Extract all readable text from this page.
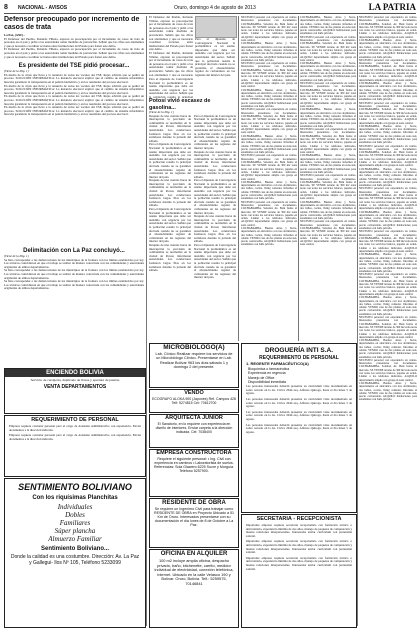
8 NACIONAL - AVISOS	Oruro, domingo 4 de agosto de 2013	LA PATRIA
Defensor preocupado por incremento de casos de trata
La Paz, (ANF).-
El Defensor del Pueblo, Rolando Villena, expresó su preocupación por el incremento de casos de trata de personas en el país y pidió a las autoridades tomar medidas de prevención. Señaló que las cifras son alarmantes y que es necesario coordinar acciones entre instituciones del Estado para frenar este delito.
El Defensor del Pueblo, Rolando Villena, expresó su preocupación por el incremento de casos de trata de personas en el país y pidió a las autoridades tomar medidas de prevención. Señaló que las cifras son alarmantes y que es necesario coordinar acciones entre instituciones del Estado para frenar este delito.
Es presidente del TSE pidió procesar...
(Viene de la Pág. 1)
En medio de la crisis que llevó a la renuncia de todos los vocales del TSE, Rojas advirtió que se pedirá un proceso. SOLUCIÓN INFORMÁTICA: La instancia electoral explicó que el cambio de sistema informático buscaba garantizar la transparencia en el padrón biométrico y en los resultados del proceso electoral.
En medio de la crisis que llevó a la renuncia de todos los vocales del TSE, Rojas advirtió que se pedirá un proceso. SOLUCIÓN INFORMÁTICA: La instancia electoral explicó que el cambio de sistema informático buscaba garantizar la transparencia en el padrón biométrico y en los resultados del proceso electoral.
En medio de la crisis que llevó a la renuncia de todos los vocales del TSE, Rojas advirtió que se pedirá un proceso. SOLUCIÓN INFORMÁTICA: La instancia electoral explicó que el cambio de sistema informático buscaba garantizar la transparencia en el padrón biométrico y en los resultados del proceso electoral.
En medio de la crisis que llevó a la renuncia de todos los vocales del TSE, Rojas advirtió que se pedirá un proceso. SOLUCIÓN INFORMÁTICA: La instancia electoral explicó que el cambio de sistema informático buscaba garantizar la transparencia en el padrón biométrico y en los resultados del proceso electoral.
Delimitación con La Paz concluyó...
(Viene de la Pág. 1)
Se hizo corresponder a las demarcaciones de los municipios de la frontera con los límites establecidos por ley. Los técnicos coincidieron en que el trabajo se realizó de manera concertada con las comunidades y autoridades originarias de ambos departamentos.
Se hizo corresponder a las demarcaciones de los municipios de la frontera con los límites establecidos por ley. Los técnicos coincidieron en que el trabajo se realizó de manera concertada con las comunidades y autoridades originarias de ambos departamentos.
Se hizo corresponder a las demarcaciones de los municipios de la frontera con los límites establecidos por ley. Los técnicos coincidieron en que el trabajo se realizó de manera concertada con las comunidades y autoridades originarias de ambos departamentos.
ENCIENDO BOLIVIA
Servicio de cerrajería, duplicado de llaves y apertura de puertas
VENTA DEPARTAMENTOS
REQUERIMIENTO DE PERSONAL
Empresa requiere contratar personal para el cargo de Asistente Administrativo con experiencia. Enviar documentos a la dirección indicada.
Empresa requiere contratar personal para el cargo de Asistente Administrativo con experiencia. Enviar documentos a la dirección indicada.
SENTIMIENTO BOLIVIANO
Con los riquísimas Planchitas
Individuales
Dobles
Familiares
Súper plancha
Almuerzo Familiar
Sentimiento Boliviano...
Donde la calidad es una costumbre. Dirección: Av. La Paz y Gallegui- llos Nº 105, Teléfono 5233099
El Defensor del Pueblo, Rolando Villena, expresó su preocupación por el incremento de casos de trata de personas en el país y pidió a las autoridades tomar medidas de prevención. Señaló que las cifras son alarmantes y que es necesario coordinar acciones entre instituciones del Estado para frenar este delito.
El Defensor del Pueblo, Rolando Villena, expresó su preocupación por el incremento de casos de trata de personas en el país y pidió a las autoridades tomar medidas de prevención. Señaló que las cifras son alarmantes y que es necesario
Para el diputado de Convergencia Nacional la problemática es un asunto importante que debe ser atendido con urgencia por las autoridades del sector. Señaló que la población resulta la principal afectada cuando no se garantiza el abastecimiento regular de carburantes en las regiones del interior del país.
Para el diputado de Convergencia Nacional la problemática es un asunto importante que debe ser atendido con urgencia por las autoridades del sector. Señaló que la población resulta la principal
Potosí vivió escasez de gasolina...
(Viene de la Pág. 1)
Después de una cuantas horas de interrupción la provisión de combustible se normalizó en la ciudad de Potosí, informaron autoridades. Los conductores formaron largas filas en los surtidores durante la jornada del sábado.
Para el diputado de Convergencia Nacional la problemática es un asunto importante que debe ser atendido con urgencia por las autoridades del sector. Señaló que la población resulta la principal afectada cuando no se garantiza el abastecimiento regular de carburantes en las regiones del interior del país.
Después de una cuantas horas de interrupción la provisión de combustible se normalizó en la ciudad de Potosí, informaron autoridades. Los conductores formaron largas filas en los surtidores durante la jornada del sábado.
Para el diputado de Convergencia Nacional la problemática es un asunto importante que debe ser atendido con urgencia por las autoridades del sector. Señaló que la población resulta la principal afectada cuando no se garantiza el abastecimiento regular de carburantes en las regiones del interior del país.
Después de una cuantas horas de interrupción la provisión de combustible se normalizó en la ciudad de Potosí, informaron autoridades. Los conductores formaron largas filas en los surtidores durante la jornada del sábado.
Para el diputado de Convergencia Nacional la problemática es un asunto importante que debe ser atendido con urgencia por las autoridades del sector. Señaló que la población resulta la principal afectada cuando no se garantiza el abastecimiento regular de carburantes en las regiones del interior del país.
Después de una cuantas horas de interrupción la provisión de combustible se normalizó en la ciudad de Potosí, informaron autoridades. Los conductores formaron largas filas en los surtidores durante la jornada del sábado.
Para el diputado de Convergencia Nacional la problemática es un asunto importante que debe ser atendido con urgencia por las autoridades del sector. Señaló que la población resulta la principal afectada cuando no se garantiza el abastecimiento regular de carburantes en las regiones del interior del país.
Después de una cuantas horas de interrupción la provisión de combustible se normalizó en la ciudad de Potosí, informaron autoridades. Los conductores formaron largas filas en los surtidores durante la jornada del sábado.
Para el diputado de Convergencia Nacional la problemática es un asunto importante que debe ser atendido con urgencia por las autoridades del sector. Señaló que la población resulta la principal afectada cuando no se garantiza el abastecimiento regular de carburantes en las regiones del interior del país.
NECESITO personal con experiencia en ventas. Interesados presentarse con documentos. COCHABAMBA, Soledad, Av. Beni frente al mercado. SE VENDE terreno de 300 m2 zona norte con todos los servicios básicos, papeles en orden. Llamar a los teléfonos indicados. ALQUILO departamento amplio con garaje en zona central.
COCHABAMBA, Buenos Aires y Sucre, departamento en anticrético con tres dormitorios, dos baños, cocina, living comedor. Informes al celular. VENDO casa de dos plantas en zona sud, precio conversable. ALQUILO habitaciones para estudiantes con baño privado.
NECESITO personal con experiencia en ventas. Interesados presentarse con documentos. COCHABAMBA, Soledad, Av. Beni frente al mercado. SE VENDE terreno de 300 m2 zona norte con todos los servicios básicos, papeles en orden. Llamar a los teléfonos indicados. ALQUILO departamento amplio con garaje en zona central.
COCHABAMBA, Buenos Aires y Sucre, departamento en anticrético con tres dormitorios, dos baños, cocina, living comedor. Informes al celular. VENDO casa de dos plantas en zona sud, precio conversable. ALQUILO habitaciones para estudiantes con baño privado.
NECESITO personal con experiencia en ventas. Interesados presentarse con documentos. COCHABAMBA, Soledad, Av. Beni frente al mercado. SE VENDE terreno de 300 m2 zona norte con todos los servicios básicos, papeles en orden. Llamar a los teléfonos indicados. ALQUILO departamento amplio con garaje en zona central.
COCHABAMBA, Buenos Aires y Sucre, departamento en anticrético con tres dormitorios, dos baños, cocina, living comedor. Informes al celular. VENDO casa de dos plantas en zona sud, precio conversable. ALQUILO habitaciones para estudiantes con baño privado.
NECESITO personal con experiencia en ventas. Interesados presentarse con documentos. COCHABAMBA, Soledad, Av. Beni frente al mercado. SE VENDE terreno de 300 m2 zona norte con todos los servicios básicos, papeles en orden. Llamar a los teléfonos indicados. ALQUILO departamento amplio con garaje en zona central.
COCHABAMBA, Buenos Aires y Sucre, departamento en anticrético con tres dormitorios, dos baños, cocina, living comedor. Informes al celular. VENDO casa de dos plantas en zona sud, precio conversable. ALQUILO habitaciones para estudiantes con baño privado.
NECESITO personal con experiencia en ventas. Interesados presentarse con documentos. COCHABAMBA, Soledad, Av. Beni frente al mercado. SE VENDE terreno de 300 m2 zona norte con todos los servicios básicos, papeles en orden. Llamar a los teléfonos indicados. ALQUILO departamento amplio con garaje en zona central.
COCHABAMBA, Buenos Aires y Sucre, departamento en anticrético con tres dormitorios, dos baños, cocina, living comedor. Informes al celular. VENDO casa de dos plantas en zona sud, precio conversable. ALQUILO habitaciones para estudiantes con baño privado.
COCHABAMBA, Buenos Aires y Sucre, departamento en anticrético con tres dormitorios, dos baños, cocina, living comedor. Informes al celular. VENDO casa de dos plantas en zona sud, precio conversable. ALQUILO habitaciones para estudiantes con baño privado.
NECESITO personal con experiencia en ventas. Interesados presentarse con documentos. COCHABAMBA, Soledad, Av. Beni frente al mercado. SE VENDE terreno de 300 m2 zona norte con todos los servicios básicos, papeles en orden. Llamar a los teléfonos indicados. ALQUILO departamento amplio con garaje en zona central.
COCHABAMBA, Buenos Aires y Sucre, departamento en anticrético con tres dormitorios, dos baños, cocina, living comedor. Informes al celular. VENDO casa de dos plantas en zona sud, precio conversable. ALQUILO habitaciones para estudiantes con baño privado.
NECESITO personal con experiencia en ventas. Interesados presentarse con documentos. COCHABAMBA, Soledad, Av. Beni frente al mercado. SE VENDE terreno de 300 m2 zona norte con todos los servicios básicos, papeles en orden. Llamar a los teléfonos indicados. ALQUILO departamento amplio con garaje en zona central.
COCHABAMBA, Buenos Aires y Sucre, departamento en anticrético con tres dormitorios, dos baños, cocina, living comedor. Informes al celular. VENDO casa de dos plantas en zona sud, precio conversable. ALQUILO habitaciones para estudiantes con baño privado.
NECESITO personal con experiencia en ventas. Interesados presentarse con documentos. COCHABAMBA, Soledad, Av. Beni frente al mercado. SE VENDE terreno de 300 m2 zona norte con todos los servicios básicos, papeles en orden. Llamar a los teléfonos indicados. ALQUILO departamento amplio con garaje en zona central.
COCHABAMBA, Buenos Aires y Sucre, departamento en anticrético con tres dormitorios, dos baños, cocina, living comedor. Informes al celular. VENDO casa de dos plantas en zona sud, precio conversable. ALQUILO habitaciones para estudiantes con baño privado.
NECESITO personal con experiencia en ventas. Interesados presentarse con documentos. COCHABAMBA, Soledad, Av. Beni frente al mercado. SE VENDE terreno de 300 m2 zona norte con todos los servicios básicos, papeles en orden. Llamar a los teléfonos indicados. ALQUILO departamento amplio con garaje en zona central.
COCHABAMBA, Buenos Aires y Sucre, departamento en anticrético con tres dormitorios, dos baños, cocina, living comedor. Informes al celular. VENDO casa de dos plantas en zona sud, precio conversable. ALQUILO habitaciones para estudiantes con baño privado.
NECESITO personal con experiencia en ventas. Interesados presentarse con documentos. COCHABAMBA, Soledad, Av. Beni frente al mercado. SE VENDE terreno de 300 m2 zona norte con todos los servicios básicos, papeles en orden. Llamar a los teléfonos indicados. ALQUILO departamento amplio con garaje en zona central.
NECESITO personal con experiencia en ventas. Interesados presentarse con documentos. COCHABAMBA, Soledad, Av. Beni frente al mercado. SE VENDE terreno de 300 m2 zona norte con todos los servicios básicos, papeles en orden. Llamar a los teléfonos indicados. ALQUILO departamento amplio con garaje en zona central.
COCHABAMBA, Buenos Aires y Sucre, departamento en anticrético con tres dormitorios, dos baños, cocina, living comedor. Informes al celular. VENDO casa de dos plantas en zona sud, precio conversable. ALQUILO habitaciones para estudiantes con baño privado.
NECESITO personal con experiencia en ventas. Interesados presentarse con documentos. COCHABAMBA, Soledad, Av. Beni frente al mercado. SE VENDE terreno de 300 m2 zona norte con todos los servicios básicos, papeles en orden. Llamar a los teléfonos indicados. ALQUILO departamento amplio con garaje en zona central.
COCHABAMBA, Buenos Aires y Sucre, departamento en anticrético con tres dormitorios, dos baños, cocina, living comedor. Informes al celular. VENDO casa de dos plantas en zona sud, precio conversable. ALQUILO habitaciones para estudiantes con baño privado.
NECESITO personal con experiencia en ventas. Interesados presentarse con documentos. COCHABAMBA, Soledad, Av. Beni frente al mercado. SE VENDE terreno de 300 m2 zona norte con todos los servicios básicos, papeles en orden. Llamar a los teléfonos indicados. ALQUILO departamento amplio con garaje en zona central.
COCHABAMBA, Buenos Aires y Sucre, departamento en anticrético con tres dormitorios, dos baños, cocina, living comedor. Informes al celular. VENDO casa de dos plantas en zona sud, precio conversable. ALQUILO habitaciones para estudiantes con baño privado.
NECESITO personal con experiencia en ventas. Interesados presentarse con documentos. COCHABAMBA, Soledad, Av. Beni frente al mercado. SE VENDE terreno de 300 m2 zona norte con todos los servicios básicos, papeles en orden. Llamar a los teléfonos indicados. ALQUILO departamento amplio con garaje en zona central.
COCHABAMBA, Buenos Aires y Sucre, departamento en anticrético con tres dormitorios, dos baños, cocina, living comedor. Informes al celular. VENDO casa de dos plantas en zona sud, precio conversable. ALQUILO habitaciones para estudiantes con baño privado.
NECESITO personal con experiencia en ventas. Interesados presentarse con documentos. COCHABAMBA, Soledad, Av. Beni frente al mercado. SE VENDE terreno de 300 m2 zona norte con todos los servicios básicos, papeles en orden. Llamar a los teléfonos indicados. ALQUILO departamento amplio con garaje en zona central.
COCHABAMBA, Buenos Aires y Sucre, departamento en anticrético con tres dormitorios, dos baños, cocina, living comedor. Informes al celular. VENDO casa de dos plantas en zona sud, precio conversable. ALQUILO habitaciones para estudiantes con baño privado.
NECESITO personal con experiencia en ventas. Interesados presentarse con documentos. COCHABAMBA, Soledad, Av. Beni frente al mercado. SE VENDE terreno de 300 m2 zona norte con todos los servicios básicos, papeles en orden. Llamar a los teléfonos indicados. ALQUILO departamento amplio con garaje en zona central.
COCHABAMBA, Buenos Aires y Sucre, departamento en anticrético con tres dormitorios, dos baños, cocina, living comedor. Informes al celular. VENDO casa de dos plantas en zona sud, precio conversable. ALQUILO habitaciones para estudiantes con baño privado.
NECESITO personal con experiencia en ventas. Interesados presentarse con documentos. COCHABAMBA, Soledad, Av. Beni frente al mercado. SE VENDE terreno de 300 m2 zona norte con todos los servicios básicos, papeles en orden. Llamar a los teléfonos indicados. ALQUILO departamento amplio con garaje en zona central.
COCHABAMBA, Buenos Aires y Sucre, departamento en anticrético con tres dormitorios, dos baños, cocina, living comedor. Informes al celular. VENDO casa de dos plantas en zona sud, precio conversable. ALQUILO habitaciones para estudiantes con baño privado.
NECESITO personal con experiencia en ventas. Interesados presentarse con documentos. COCHABAMBA, Soledad, Av. Beni frente al mercado. SE VENDE terreno de 300 m2 zona norte con todos los servicios básicos, papeles en orden. Llamar a los teléfonos indicados. ALQUILO departamento amplio con garaje en zona central.
COCHABAMBA, Buenos Aires y Sucre, departamento en anticrético con tres dormitorios, dos baños, cocina, living comedor. Informes al celular. VENDO casa de dos plantas en zona sud, precio conversable. ALQUILO habitaciones para estudiantes con baño privado.
NECESITO personal con experiencia en ventas. Interesados presentarse con documentos. COCHABAMBA, Soledad, Av. Beni frente al mercado. SE VENDE terreno de 300 m2 zona norte con todos los servicios básicos, papeles en orden. Llamar a los teléfonos indicados. ALQUILO departamento amplio con garaje en zona central.
COCHABAMBA, Buenos Aires y Sucre, departamento en anticrético con tres dormitorios, dos baños, cocina, living comedor. Informes al celular. VENDO casa de dos plantas en zona sud, precio conversable. ALQUILO habitaciones para estudiantes con baño privado.
MICROBIOLÓGO(A)
Lab. Clínico Realizar requiere los servicios de un Microbiólogo Clínico. Presentarse en Lab. Realizar Bolívar 963 los días sábado 1 y domingo 2 del presente.
VENDO
ECOGRAFO ALOKA 900 (Japonés) Ref. Campos 428 Telf: 5274815 Cel: 70612700
ARQUITECTA JUNIOR
El Sanatorio, en lo requiere con experiencia en diseño de interiores. Enviar carpeta a la dirección indicada. Cel: 7038400
EMPRESA CONSTRUCTORA
Requiere el siguiente personal: • Ing. Civil con experiencia en caminos • Laboratorista de suelos. Referencias: Sola Giawero 6225 Sucre y Murguía. Teléfono 5257900.
RESIDENTE DE OBRA
Se requiere un Ingeniero Civil para trabajar como RESIDENTE DE OBRA en Proyecto Ubicado a 51 Km de Oruro. Interesados presentarse con su documentación el día lunes de 8 de Octubre a La Paz.
OFICINA EN ALQUILER
100 m2 incluye amplia oficina, despacho privado, baño, kitchenette, carrito, medidor individual de electricidad, conexión telefónica, internet. Ubicado en la calle Velasco 190 y Bolívar. Oruro, Bolivia. Telf.: 5259575, 70146841
DROGUERÍA INTI S.A.
REQUERIMIENTO DE PERSONAL
1. REGENTE FARMACÉUTICO(A)
Bioquímica o farmacéutica
Experiencia en regencia
Manejo de Office
Disponibilidad inmediata
Las personas interesadas deberán presentar su currículum vitae documentado en sobre cerrado en la Av. Cívica 2044 esq. Alfonso Quiroga, hasta el día lunes 5 de agosto.
Las personas interesadas deberán presentar su currículum vitae documentado en sobre cerrado en la Av. Cívica 2044 esq. Alfonso Quiroga, hasta el día lunes 5 de agosto.
Las personas interesadas deberán presentar su currículum vitae documentado en sobre cerrado en la Av. Cívica 2044 esq. Alfonso Quiroga, hasta el día lunes 5 de agosto.
Las personas interesadas deberán presentar su currículum vitae documentado en sobre cerrado en la Av. Cívica 2044 esq. Alfonso Quiroga, hasta el día lunes 5 de agosto.
SECRETARIA - RECEPCIONISTA
Importante empresa requiere secretaria recepcionista con formación técnica o universitaria, experiencia mínima de dos años, manejo de paquetes de computación y buenas relaciones interpersonales. Interesadas enviar currículum con pretensión salarial.
Importante empresa requiere secretaria recepcionista con formación técnica o universitaria, experiencia mínima de dos años, manejo de paquetes de computación y buenas relaciones interpersonales. Interesadas enviar currículum con pretensión salarial.
Importante empresa requiere secretaria recepcionista con formación técnica o universitaria, experiencia mínima de dos años, manejo de paquetes de computación y buenas relaciones interpersonales. Interesadas enviar currículum con pretensión salarial.
